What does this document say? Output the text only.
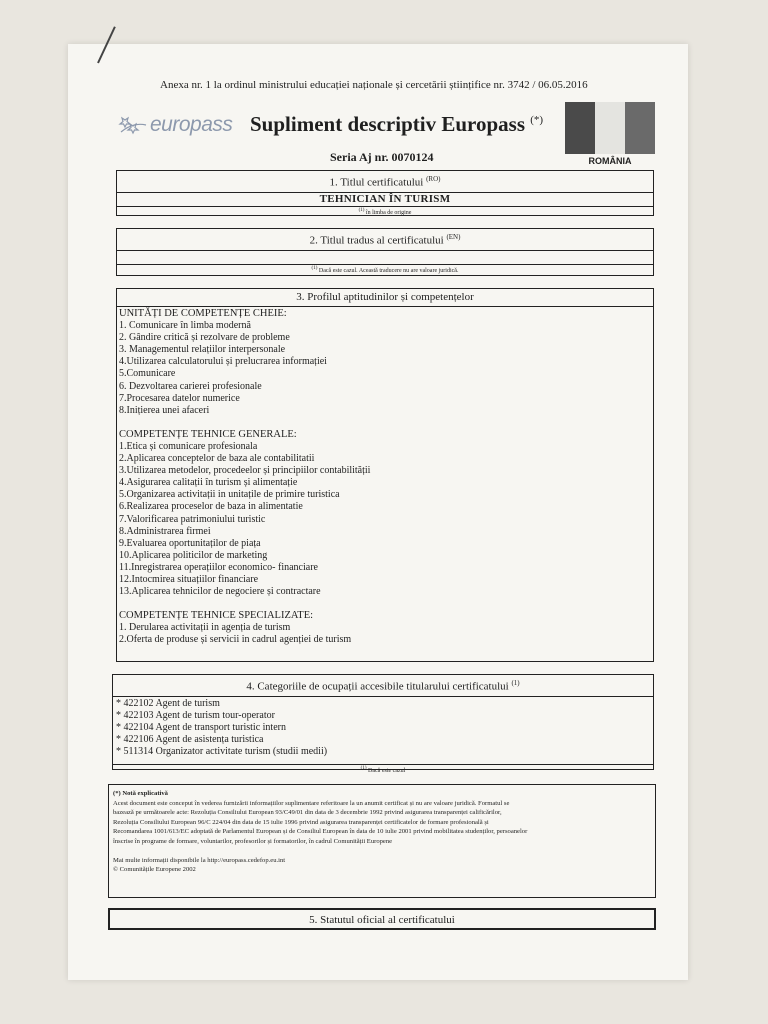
Anexa nr. 1 la ordinul ministrului educației naționale și cercetării științifice nr. 3742 / 06.05.2016
europass Supliment descriptiv Europass (*)
ROMÂNIA
Seria Aj nr. 0070124
1. Titlul certificatului $^{(RO)}$
TEHNICIAN ÎN TURISM
$^{(1)}$ în limba de origine
2. Titlul tradus al certificatului $^{(EN)}$
$^{(1)}$ Dacă este cazul. Această traducere nu are valoare juridică.
3. Profilul aptitudinilor și competențelor
UNITĂȚI DE COMPETENȚE CHEIE:
1. Comunicare în limba modernă
2. Gândire critică și rezolvare de probleme
3. Managementul relațiilor interpersonale
4.Utilizarea calculatorului și prelucrarea informației
5.Comunicare
6. Dezvoltarea carierei profesionale
7.Procesarea datelor numerice
8.Inițierea unei afaceri
COMPETENȚE TEHNICE GENERALE:
1.Etica și comunicare profesionala
2.Aplicarea conceptelor de baza ale contabilitatii
3.Utilizarea metodelor, procedeelor și principiilor contabilității
4.Asigurarea calitații în turism și alimentație
5.Organizarea activitații in unitațile de primire turistica
6.Realizarea proceselor de baza in alimentatie
7.Valorificarea patrimoniului turistic
8.Administrarea firmei
9.Evaluarea oportunitaților de piața
10.Aplicarea politicilor de marketing
11.Inregistrarea operațiilor economico- financiare
12.Intocmirea situațiilor financiare
13.Aplicarea tehnicilor de negociere și contractare
COMPETENȚE TEHNICE SPECIALIZATE:
1. Derularea activitații in agenția de turism
2.Oferta de produse și servicii in cadrul agenției de turism
4. Categoriile de ocupații accesibile titularului certificatului $^{(1)}$
* 422102 Agent de turism
* 422103 Agent de turism tour-operator
* 422104 Agent de transport turistic intern
* 422106 Agent de asistența turistica
* 511314 Organizator activitate turism (studii medii)
$^{(1)}$ Dacă este cazul
(*) Notă explicativă
Acest document este conceput în vederea furnizării informațiilor suplimentare referitoare la un anumit certificat și nu are valoare juridică. Formatul se
bazează pe următoarele acte: Rezoluția Consiliului European 93/C49/01 din data de 3 decembrie 1992 privind asigurarea transparenței calificărilor,
Rezoluția Consiliului European 96/C 224/04 din data de 15 iulie 1996 privind asigurarea transparenței certificatelor de formare profesională și
Recomandarea 1001/613/EC adoptată de Parlamentul European și de Consiliul European în data de 10 iulie 2001 privind mobilitatea studenților, persoanelor
înscrise în programe de formare, voluntarilor, profesorilor și formatorilor, în cadrul Comunității Europene
Mai multe informații disponibile la http://europass.cedefop.eu.int
© Comunitățile Europene 2002
5. Statutul oficial al certificatului
